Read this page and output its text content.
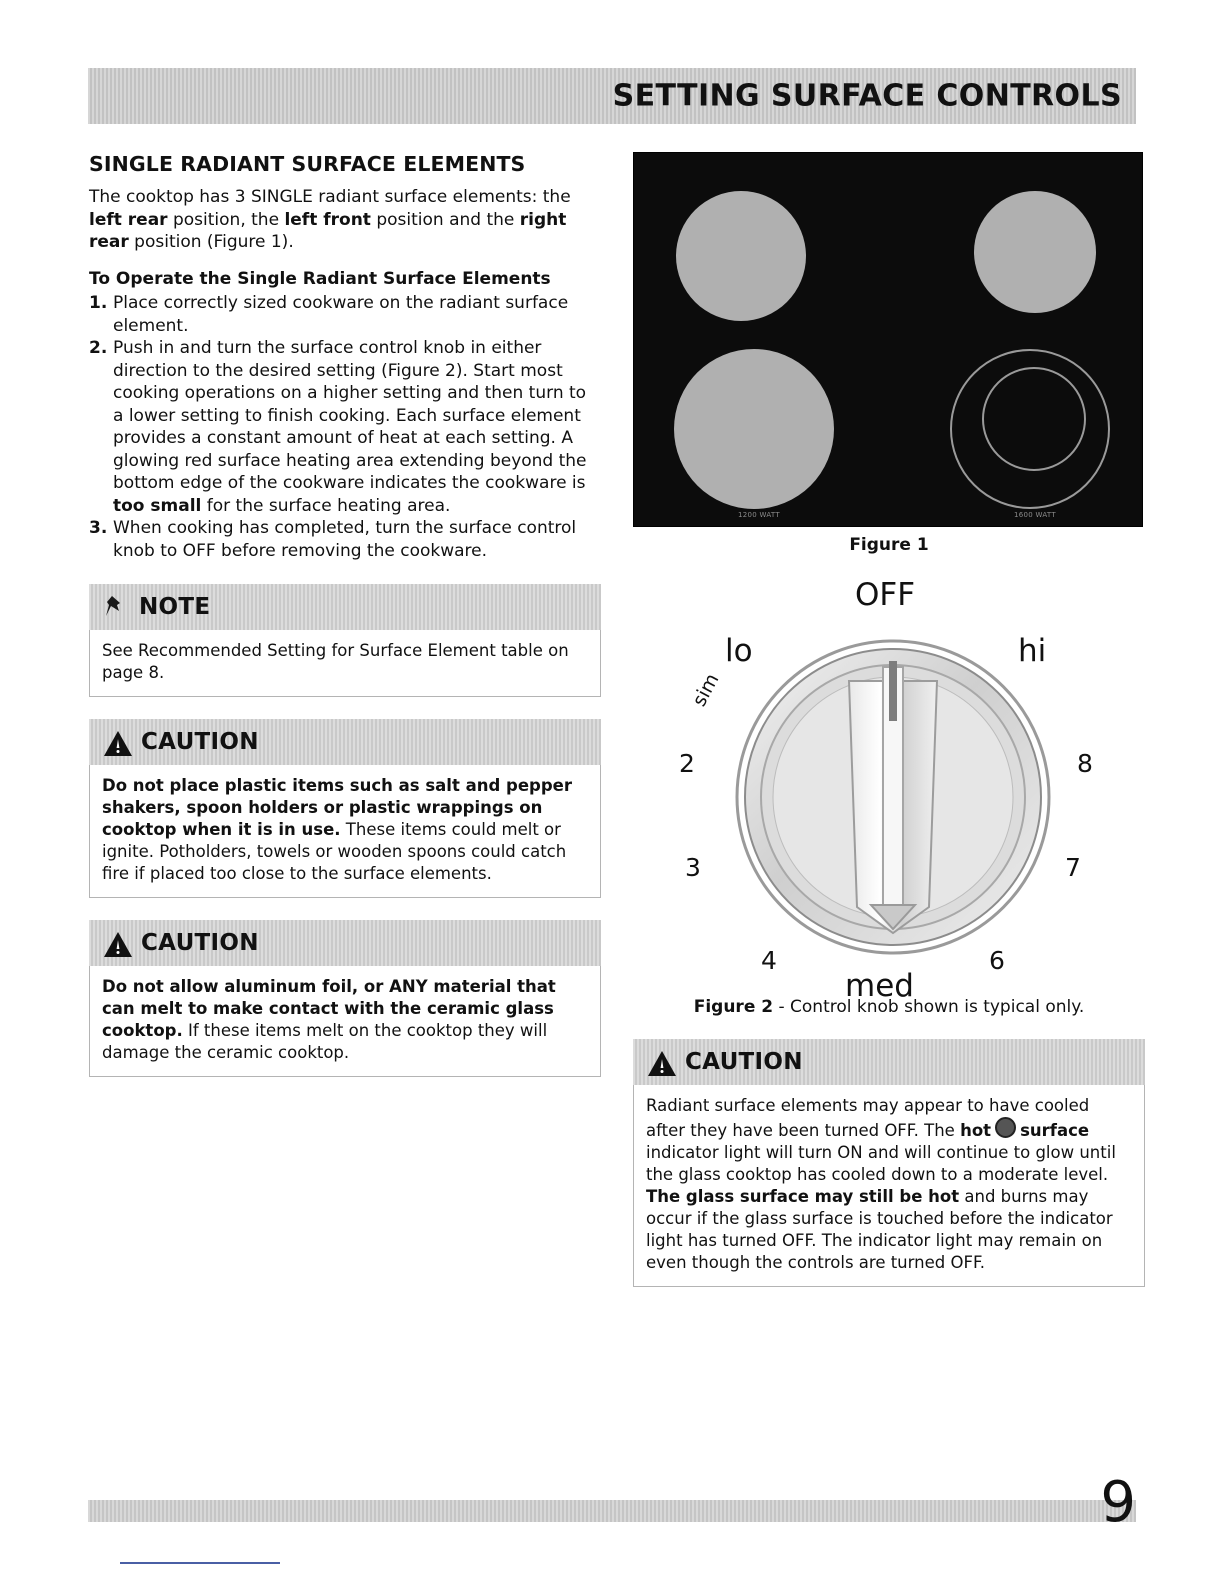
SETTING SURFACE CONTROLS
SINGLE RADIANT SURFACE ELEMENTS

The cooktop has 3 SINGLE radiant surface elements: the left rear position, the left front position and the right rear position (Figure 1).

To Operate the Single Radiant Surface Elements
1. Place correctly sized cookware on the radiant surface element.
2. Push in and turn the surface control knob in either direction to the desired setting (Figure 2). Start most cooking operations on a higher setting and then turn to a lower setting to finish cooking. Each surface element provides a constant amount of heat at each setting. A glowing red surface heating area extending beyond the bottom edge of the cookware indicates the cookware is too small for the surface heating area.
3. When cooking has completed, turn the surface control knob to OFF before removing the cookware.
NOTE
See Recommended Setting for Surface Element table on page 8.
CAUTION
Do not place plastic items such as salt and pepper shakers, spoon holders or plastic wrappings on cooktop when it is in use. These items could melt or ignite. Potholders, towels or wooden spoons could catch fire if placed too close to the surface elements.
CAUTION
Do not allow aluminum foil, or ANY material that can melt to make contact with the ceramic glass cooktop. If these items melt on the cooktop they will damage the ceramic cooktop.
1200 WATT	1600 WATT
Figure 1
OFF
lo	hi
sim
2	8
3	7
4	6
med
Figure 2 - Control knob shown is typical only.
CAUTION
Radiant surface elements may appear to have cooled after they have been turned OFF. The hot surface indicator light will turn ON and will continue to glow until the glass cooktop has cooled down to a moderate level. The glass surface may still be hot and burns may occur if the glass surface is touched before the indicator light has turned OFF. The indicator light may remain on even though the controls are turned OFF.
9
